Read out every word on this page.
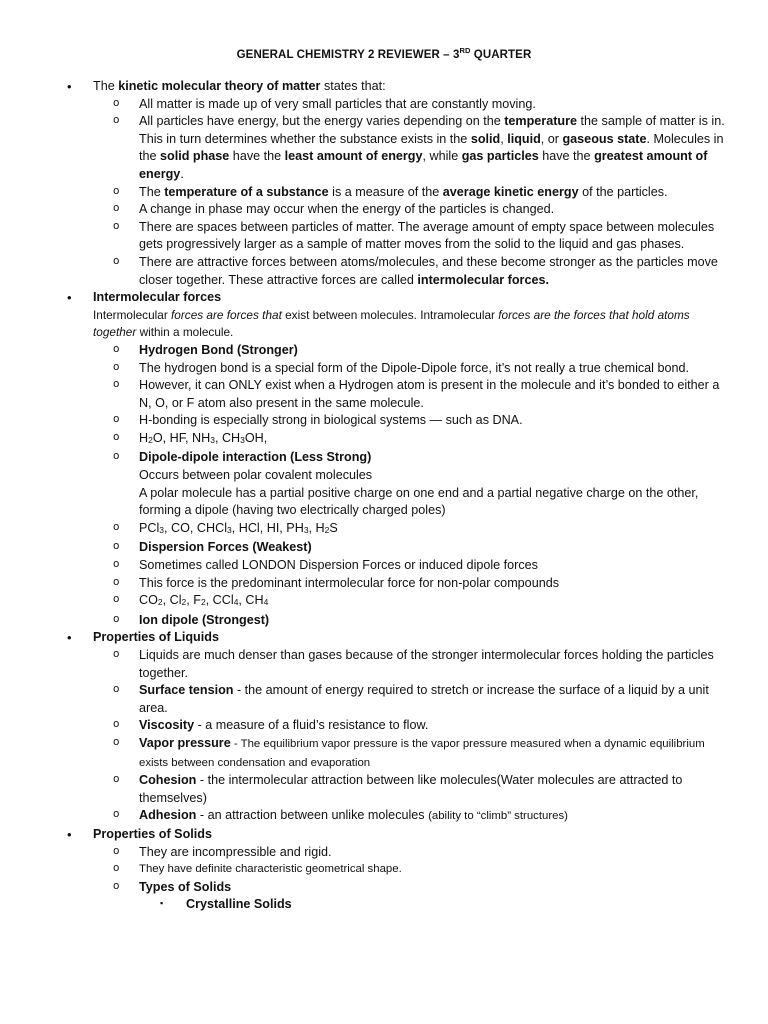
GENERAL CHEMISTRY 2 REVIEWER – 3RD QUARTER
• The kinetic molecular theory of matter states that:
o All matter is made up of very small particles that are constantly moving.
o All particles have energy, but the energy varies depending on the temperature the sample of matter is in. This in turn determines whether the substance exists in the solid, liquid, or gaseous state. Molecules in the solid phase have the least amount of energy, while gas particles have the greatest amount of energy.
o The temperature of a substance is a measure of the average kinetic energy of the particles.
o A change in phase may occur when the energy of the particles is changed.
o There are spaces between particles of matter. The average amount of empty space between molecules gets progressively larger as a sample of matter moves from the solid to the liquid and gas phases.
o There are attractive forces between atoms/molecules, and these become stronger as the particles move closer together. These attractive forces are called intermolecular forces.
• Intermolecular forces
Intermolecular forces are forces that exist between molecules. Intramolecular forces are the forces that hold atoms together within a molecule.
o Hydrogen Bond (Stronger)
o The hydrogen bond is a special form of the Dipole-Dipole force, it’s not really a true chemical bond.
o However, it can ONLY exist when a Hydrogen atom is present in the molecule and it’s bonded to either a N, O, or F atom also present in the same molecule.
o H-bonding is especially strong in biological systems — such as DNA.
o $H_2O$, HF, $NH_3$, $CH_3OH$,
o Dipole-dipole interaction (Less Strong)
Occurs between polar covalent molecules
A polar molecule has a partial positive charge on one end and a partial negative charge on the other, forming a dipole (having two electrically charged poles)
o PCl$_3$, CO, CHCl$_3$, HCl, HI, $PH_3$, $H_2S$
o Dispersion Forces (Weakest)
o Sometimes called LONDON Dispersion Forces or induced dipole forces
o This force is the predominant intermolecular force for non-polar compounds
o $CO_2$, $Cl_2$, $F_2$, CCl$_4$, $CH_4$
o Ion dipole (Strongest)
• Properties of Liquids
o Liquids are much denser than gases because of the stronger intermolecular forces holding the particles together.
o Surface tension - the amount of energy required to stretch or increase the surface of a liquid by a unit area.
o Viscosity - a measure of a fluid’s resistance to flow.
o Vapor pressure - The equilibrium vapor pressure is the vapor pressure measured when a dynamic equilibrium exists between condensation and evaporation
o Cohesion - the intermolecular attraction between like molecules(Water molecules are attracted to themselves)
o Adhesion - an attraction between unlike molecules (ability to “climb” structures)
• Properties of Solids
o They are incompressible and rigid.
o They have definite characteristic geometrical shape.
o Types of Solids
▪ Crystalline Solids
